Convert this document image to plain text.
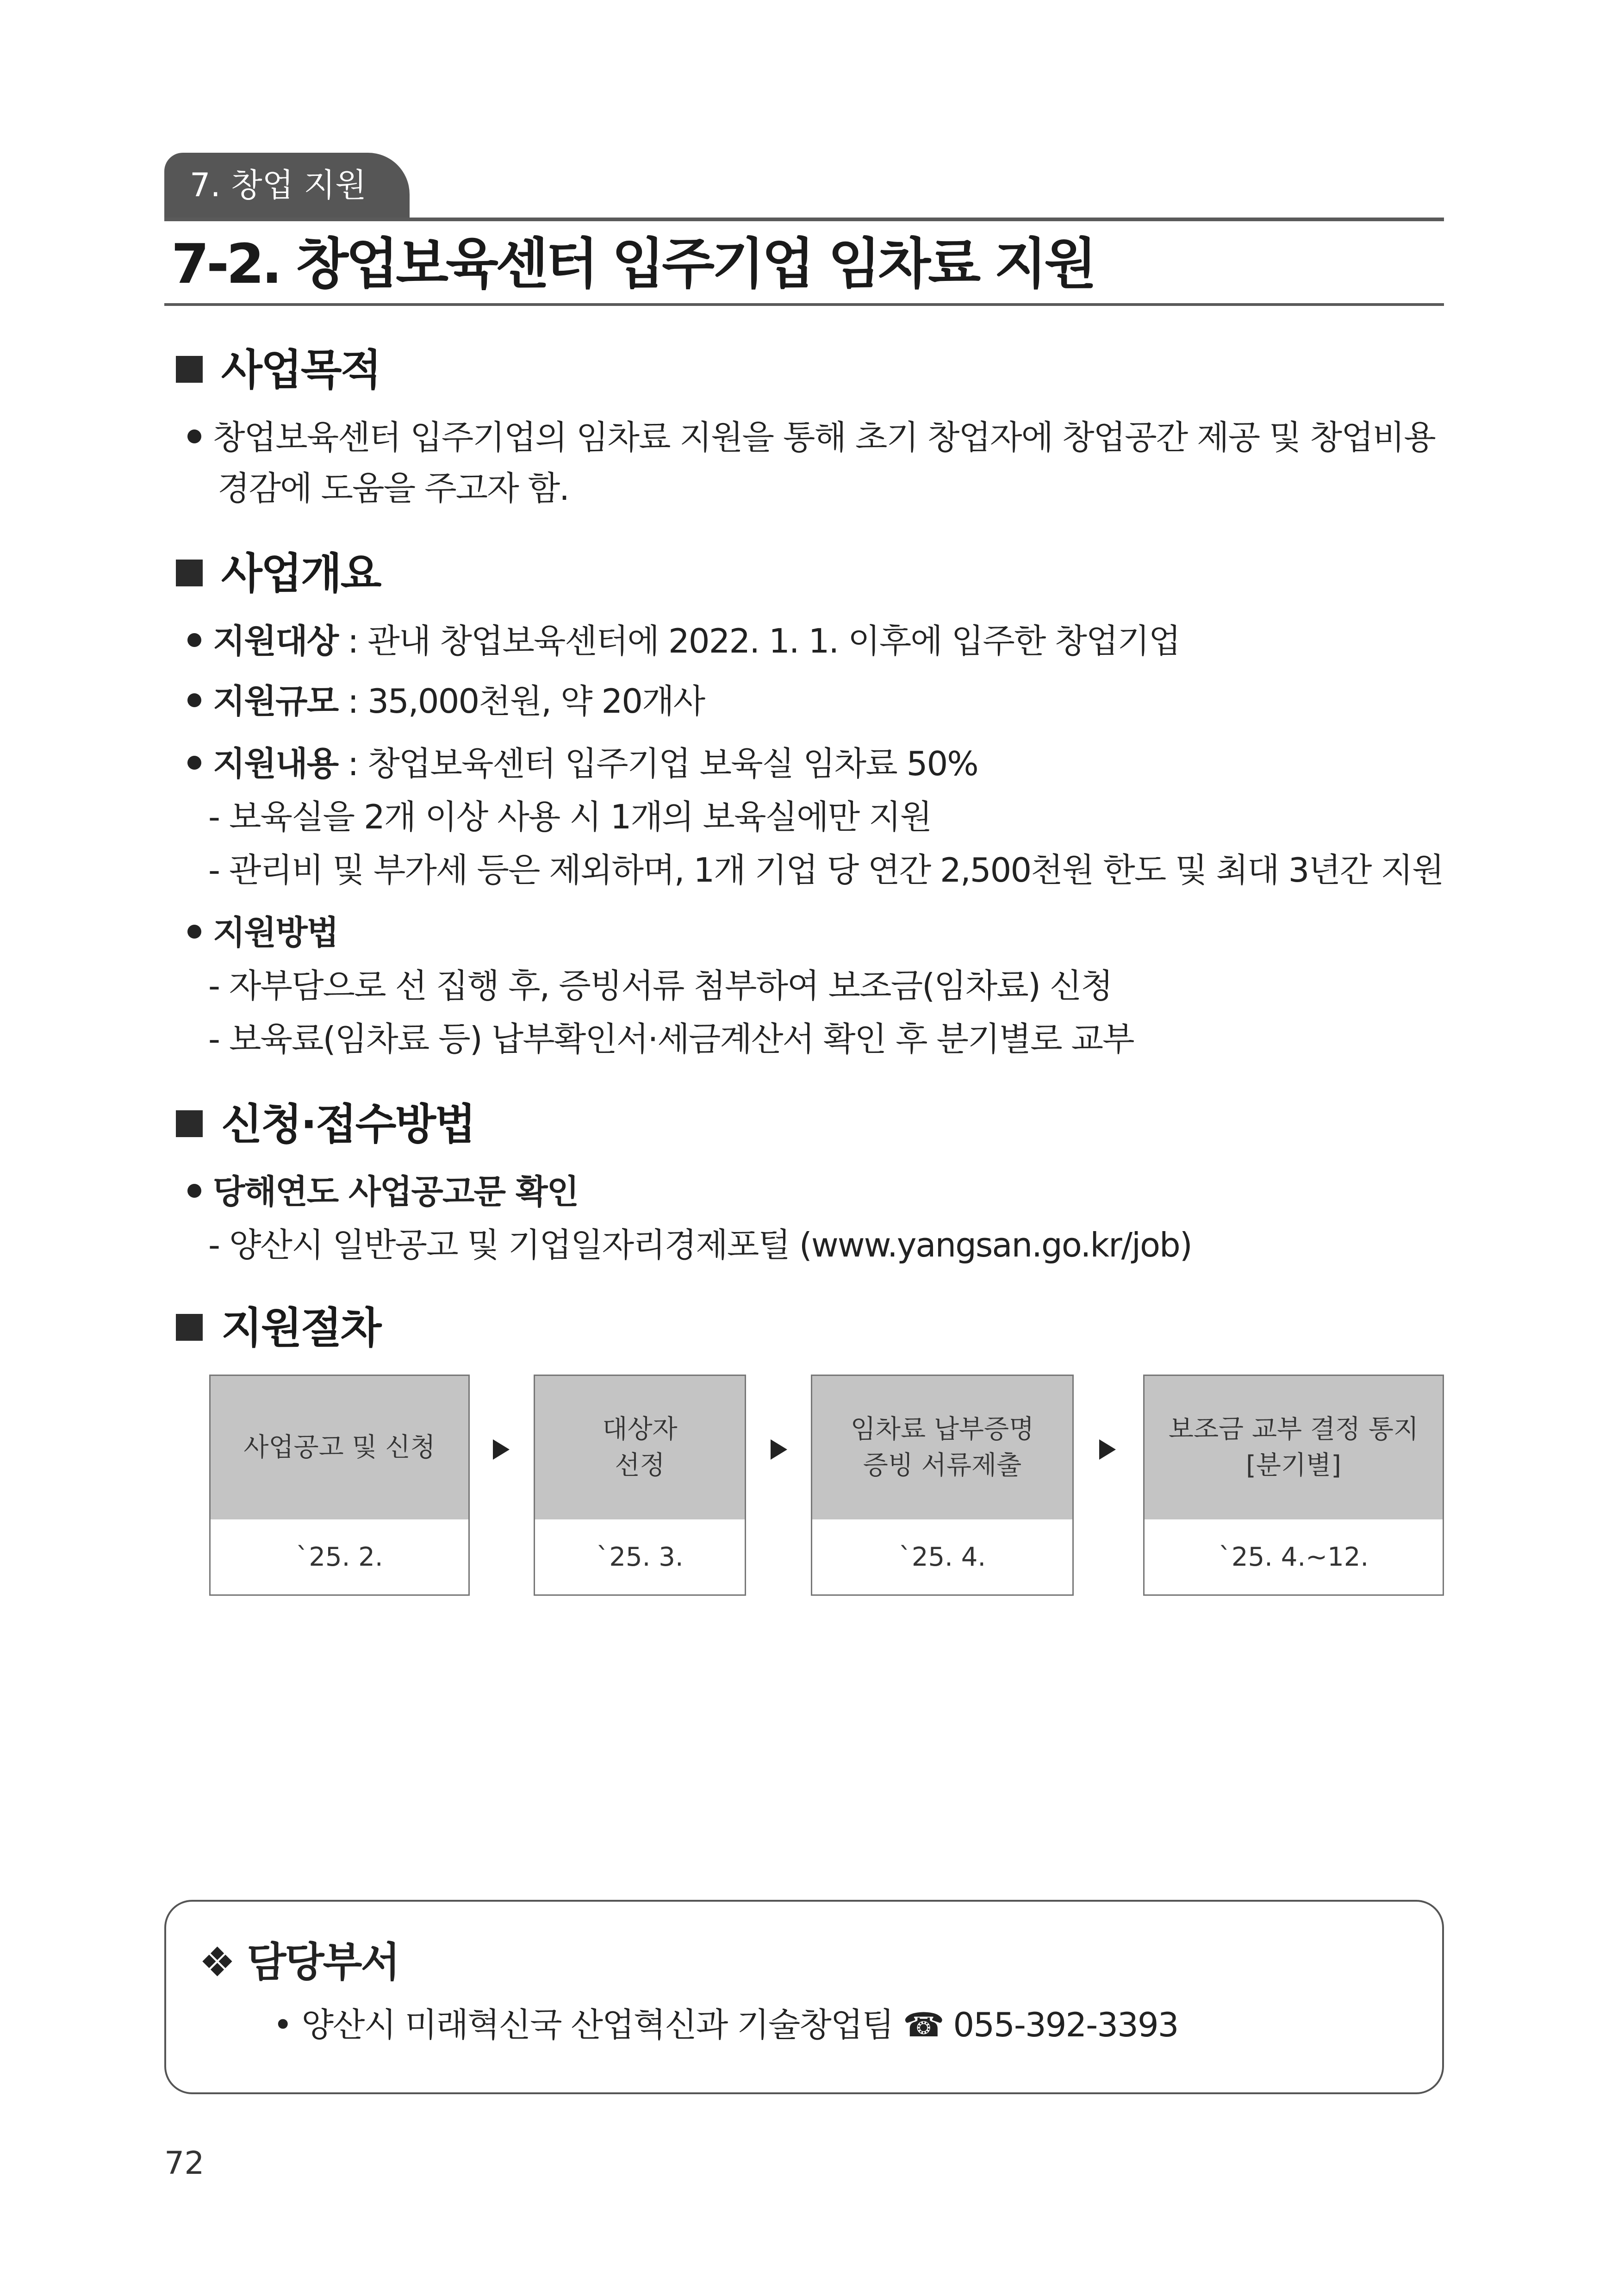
7. 창업 지원
7-2. 창업보육센터 입주기업 임차료 지원
사업목적
창업보육센터 입주기업의 임차료 지원을 통해 초기 창업자에 창업공간 제공 및 창업비용
경감에 도움을 주고자 함.
사업개요
지원대상 : 관내 창업보육센터에 2022. 1. 1. 이후에 입주한 창업기업
지원규모 : 35,000천원, 약 20개사
지원내용 : 창업보육센터 입주기업 보육실 임차료 50%
- 보육실을 2개 이상 사용 시 1개의 보육실에만 지원
- 관리비 및 부가세 등은 제외하며, 1개 기업 당 연간 2,500천원 한도 및 최대 3년간 지원
지원방법
- 자부담으로 선 집행 후, 증빙서류 첨부하여 보조금(임차료) 신청
- 보육료(임차료 등) 납부확인서·세금계산서 확인 후 분기별로 교부
신청·접수방법
당해연도 사업공고문 확인
- 양산시 일반공고 및 기업일자리경제포털 (www.yangsan.go.kr/job)
지원절차
사업공고 및 신청
`25. 2.
대상자
선정
`25. 3.
임차료 납부증명
증빙 서류제출
`25. 4.
보조금 교부 결정 통지
[분기별]
`25. 4.~12.
❖ 담당부서
• 양산시 미래혁신국 산업혁신과 기술창업팀 ☎ 055-392-3393
72
